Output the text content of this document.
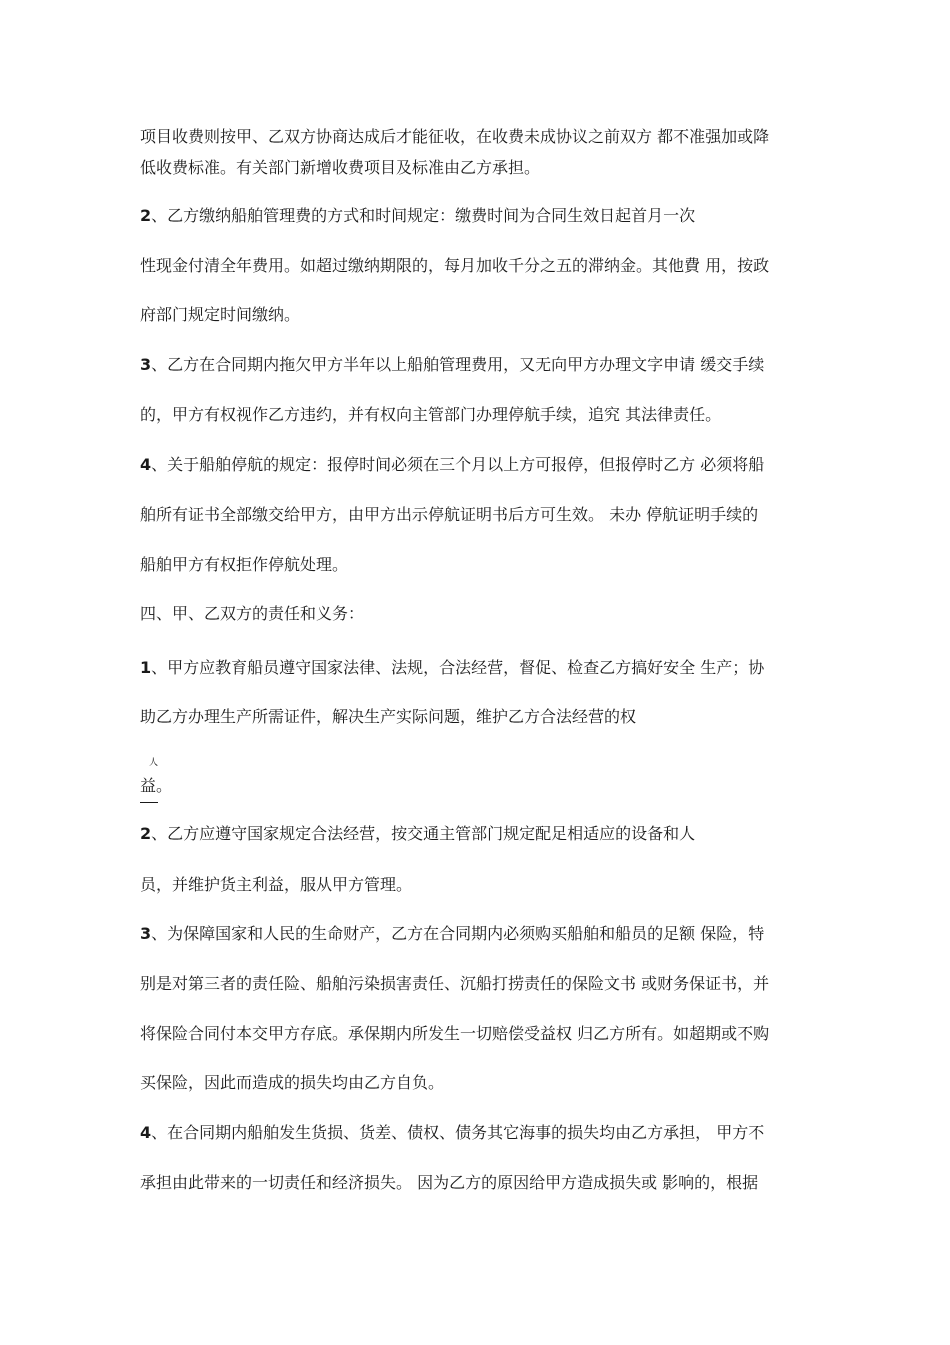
项目收费则按甲、乙双方协商达成后才能征收，在收费未成协议之前双方 都不准强加或降

低收费标准。有关部门新增收费项目及标准由乙方承担。

2、乙方缴纳船舶管理费的方式和时间规定：缴费时间为合同生效日起首月一次

性现金付清全年费用。如超过缴纳期限的，每月加收千分之五的滞纳金。其他費 用，按政

府部门规定时间缴纳。

3、乙方在合同期内拖欠甲方半年以上船舶管理费用，又无向甲方办理文字申请 缓交手续

的，甲方有权视作乙方违约，并有权向主管部门办理停航手续，追究 其法律责任。

4、关于船舶停航的规定：报停时间必须在三个月以上方可报停，但报停时乙方 必须将船

舶所有证书全部缴交给甲方，由甲方出示停航证明书后方可生效。 未办 停航证明手续的

船舶甲方有权拒作停航处理。

四、甲、乙双方的责任和义务：

1、甲方应教育船员遵守国家法律、法规，合法经营，督促、检查乙方搞好安全 生产；协

助乙方办理生产所需证件，解决生产实际问题，维护乙方合法经营的权

人

益。

2、乙方应遵守国家规定合法经营，按交通主管部门规定配足相适应的设备和人

员，并维护货主利益，服从甲方管理。

3、为保障国家和人民的生命财产，乙方在合同期内必须购买船舶和船员的足额 保险，特

别是对第三者的责任险、船舶污染损害责任、沉船打捞责任的保险文书 或财务保证书，并

将保险合同付本交甲方存底。承保期内所发生一切赔偿受益权 归乙方所有。如超期或不购

买保险，因此而造成的损失均由乙方自负。

4、在合同期内船舶发生货损、货差、债权、债务其它海事的损失均由乙方承担， 甲方不

承担由此带来的一切责任和经济损失。 因为乙方的原因给甲方造成损失或 影响的，根据
